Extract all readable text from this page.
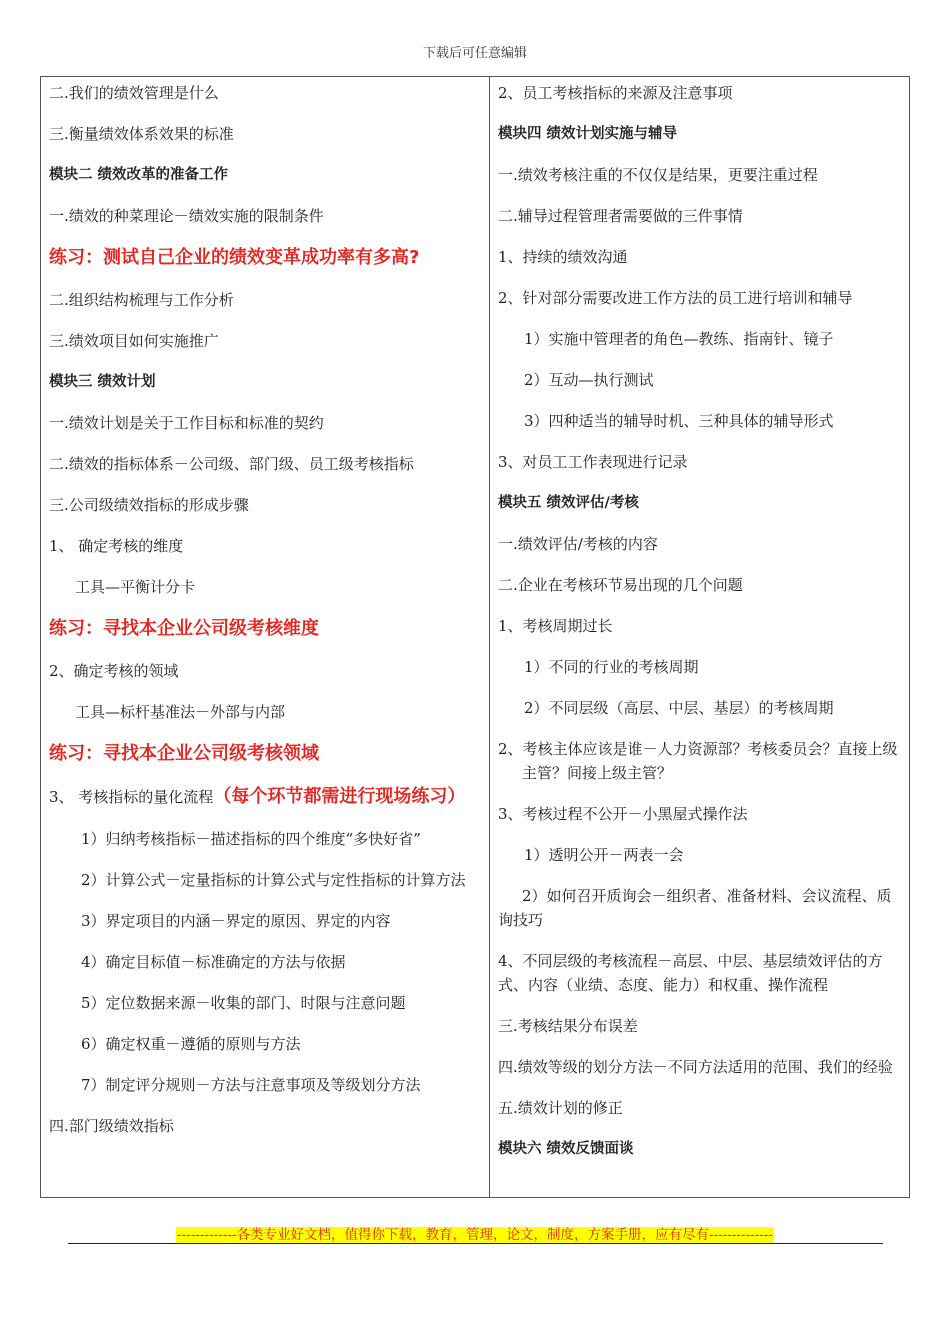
下载后可任意编辑
二.我们的绩效管理是什么
三.衡量绩效体系效果的标准
模块二 绩效改革的准备工作
一.绩效的种菜理论－绩效实施的限制条件
练习：测试自己企业的绩效变革成功率有多高?
二.组织结构梳理与工作分析
三.绩效项目如何实施推广
模块三 绩效计划
一.绩效计划是关于工作目标和标准的契约
二.绩效的指标体系－公司级、部门级、员工级考核指标
三.公司级绩效指标的形成步骤
1、 确定考核的维度
工具—平衡计分卡
练习：寻找本企业公司级考核维度
2、确定考核的领域
工具—标杆基准法－外部与内部
练习：寻找本企业公司级考核领域
3、 考核指标的量化流程（每个环节都需进行现场练习）
1）归纳考核指标－描述指标的四个维度“多快好省”
2）计算公式－定量指标的计算公式与定性指标的计算方法
3）界定项目的内涵－界定的原因、界定的内容
4）确定目标值－标准确定的方法与依据
5）定位数据来源－收集的部门、时限与注意问题
6）确定权重－遵循的原则与方法
7）制定评分规则－方法与注意事项及等级划分方法
四.部门级绩效指标
2、员工考核指标的来源及注意事项
模块四 绩效计划实施与辅导
一.绩效考核注重的不仅仅是结果，更要注重过程
二.辅导过程管理者需要做的三件事情
1、持续的绩效沟通
2、针对部分需要改进工作方法的员工进行培训和辅导
1）实施中管理者的角色—教练、指南针、镜子
2）互动—执行测试
3）四种适当的辅导时机、三种具体的辅导形式
3、对员工工作表现进行记录
模块五 绩效评估/考核
一.绩效评估/考核的内容
二.企业在考核环节易出现的几个问题
1、考核周期过长
1）不同的行业的考核周期
2）不同层级（高层、中层、基层）的考核周期
2、考核主体应该是谁－人力资源部？考核委员会？直接上级主管？间接上级主管？
3、考核过程不公开－小黑屋式操作法
1）透明公开－两表一会
2）如何召开质询会－组织者、准备材料、会议流程、质询技巧
4、不同层级的考核流程－高层、中层、基层绩效评估的方式、内容（业绩、态度、能力）和权重、操作流程
三.考核结果分布误差
四.绩效等级的划分方法－不同方法适用的范围、我们的经验
五.绩效计划的修正
模块六 绩效反馈面谈
-------------各类专业好文档，值得你下载，教育，管理，论文，制度，方案手册，应有尽有--------------
